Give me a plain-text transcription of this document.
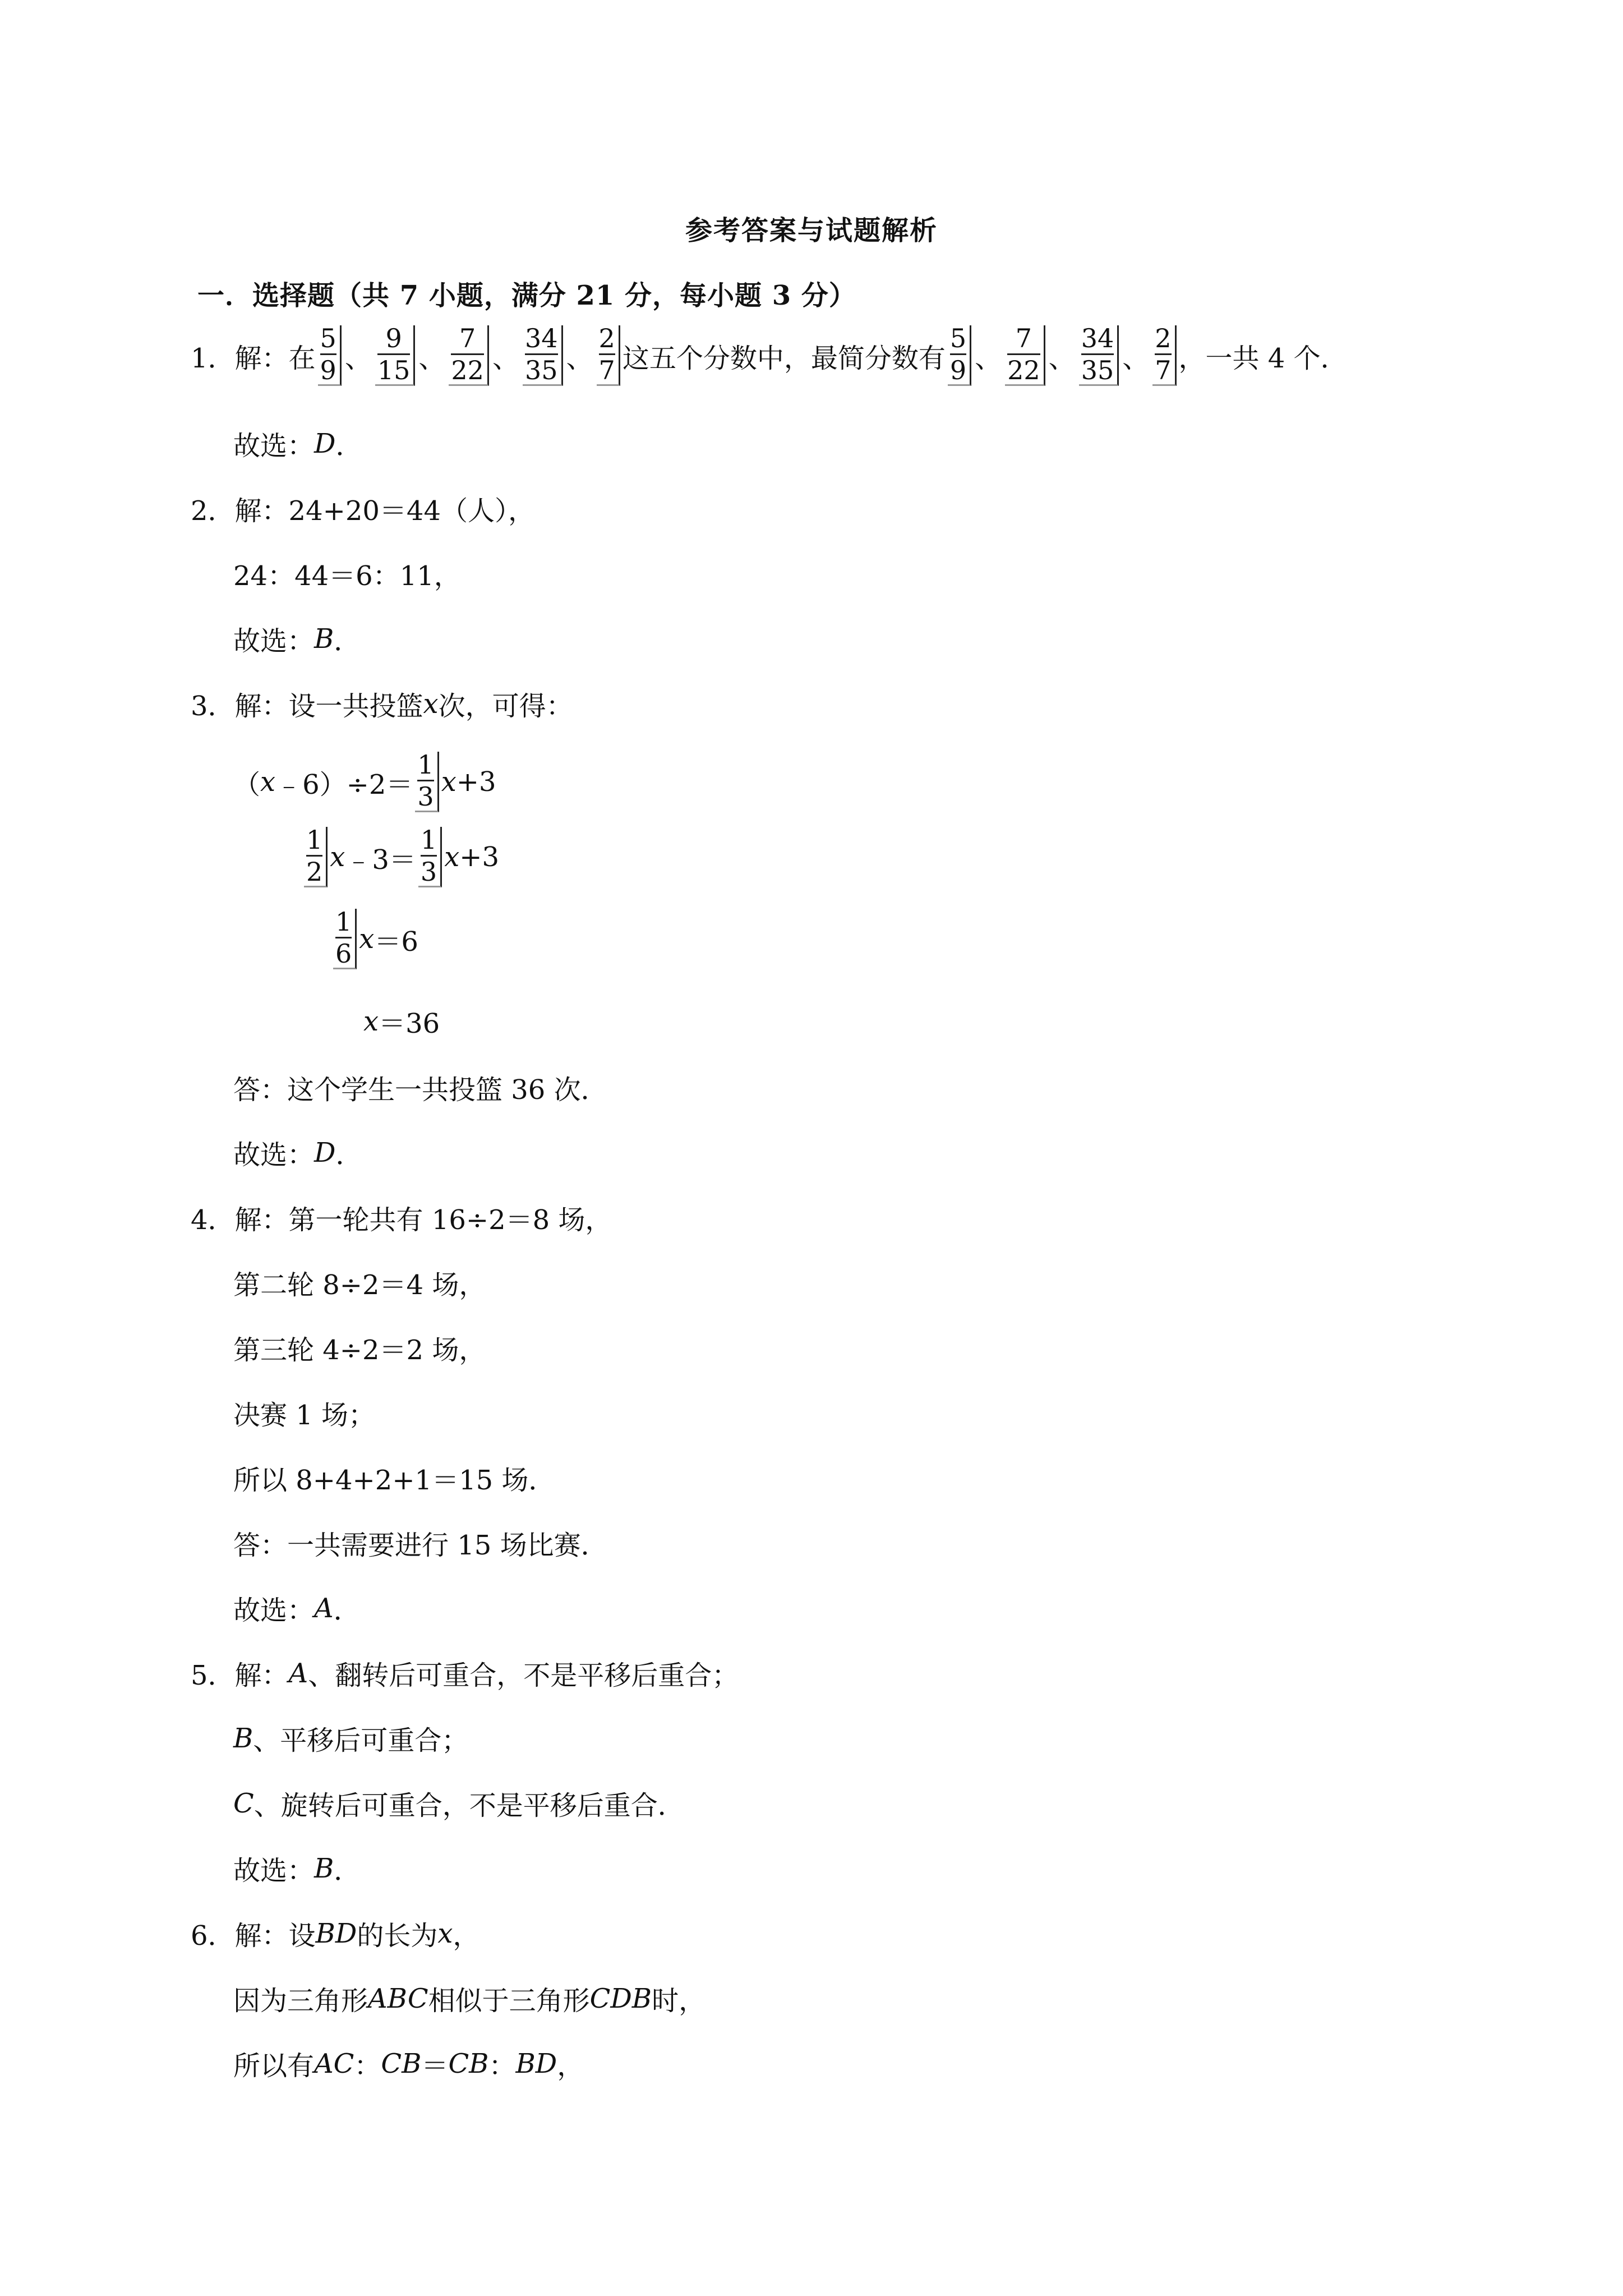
参考答案与试题解析
一．选择题（共 7 小题，满分 21 分，每小题 3 分）
1．解：在 $\frac{5}{9}$ 、 $\frac{9}{15}$ 、 $\frac{7}{22}$ 、 $\frac{34}{35}$ 、 $\frac{2}{7}$ 这五个分数中，最简分数有 $\frac{5}{9}$ 、 $\frac{7}{22}$ 、 $\frac{34}{35}$ 、 $\frac{2}{7}$ ，一共 4 个．
故选： D ．
2．解：24+20＝44（人），
24：44＝6：11，
故选： B ．
3．解：设一共投篮 x 次，可得：
（ x ﹣6）÷2＝ $\frac{1}{3}$ x +3
$\frac{1}{2}$ x ﹣3＝ $\frac{1}{3}$ x +3
$\frac{1}{6}$ x ＝6
x ＝36
答：这个学生一共投篮 36 次．
故选： D ．
4．解：第一轮共有 16÷2＝8 场，
第二轮 8÷2＝4 场，
第三轮 4÷2＝2 场，
决赛 1 场；
所以 8+4+2+1＝15 场．
答：一共需要进行 15 场比赛．
故选： A ．
5．解： A 、翻转后可重合，不是平移后重合；
B 、平移后可重合；
C 、旋转后可重合，不是平移后重合．
故选： B ．
6．解：设 BD 的长为 x ，
因为三角形 ABC 相似于三角形 CDB 时，
所以有 AC ： CB ＝ CB ： BD ，
